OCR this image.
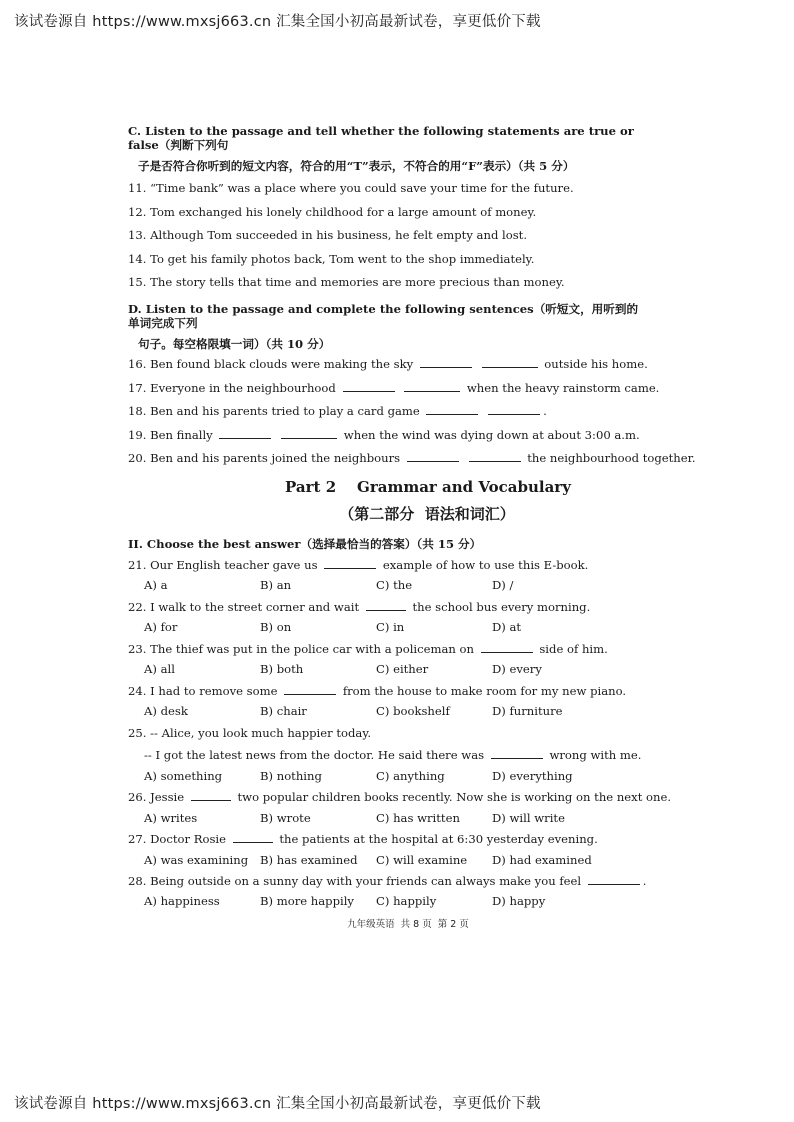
该试卷源自 https://www.mxsj663.cn 汇集全国小初高最新试卷，享更低价下载
C. Listen to the passage and tell whether the following statements are true or false（判断下列句
子是否符合你听到的短文内容，符合的用“T”表示，不符合的用“F”表示）（共 5 分）

11. “Time bank” was a place where you could save your time for the future.

12. Tom exchanged his lonely childhood for a large amount of money.

13. Although Tom succeeded in his business, he felt empty and lost.

14. To get his family photos back, Tom went to the shop immediately.

15. The story tells that time and memories are more precious than money.

D. Listen to the passage and complete the following sentences（听短文，用听到的单词完成下列
句子。每空格限填一词）（共 10 分）

16. Ben found black clouds were making the sky	outside his home.

17. Everyone in the neighbourhood	when the heavy rainstorm came.

18. Ben and his parents tried to play a card game	.

19. Ben finally	when the wind was dying down at about 3:00 a.m.

20. Ben and his parents joined the neighbours	the neighbourhood together.

Part 2    Grammar and Vocabulary
（第二部分  语法和词汇）
II. Choose the best answer（选择最恰当的答案）（共 15 分）

21. Our English teacher gave us	example of how to use this E-book.

A) a	B) an	C) the	D) /

22. I walk to the street corner and wait	the school bus every morning.

A) for	B) on	C) in	D) at

23. The thief was put in the police car with a policeman on	side of him.

A) all	B) both	C) either	D) every

24. I had to remove some	from the house to make room for my new piano.

A) desk	B) chair	C) bookshelf	D) furniture

25. -- Alice, you look much happier today.

-- I got the latest news from the doctor. He said there was	wrong with me.

A) something	B) nothing	C) anything	D) everything

26. Jessie	two popular children books recently. Now she is working on the next one.

A) writes	B) wrote	C) has written	D) will write

27. Doctor Rosie	the patients at the hospital at 6:30 yesterday evening.

A) was examining	B) has examined	C) will examine	D) had examined

28. Being outside on a sunny day with your friends can always make you feel	.

A) happiness	B) more happily	C) happily	D) happy
九年级英语  共 8 页  第 2 页
该试卷源自 https://www.mxsj663.cn 汇集全国小初高最新试卷，享更低价下载
